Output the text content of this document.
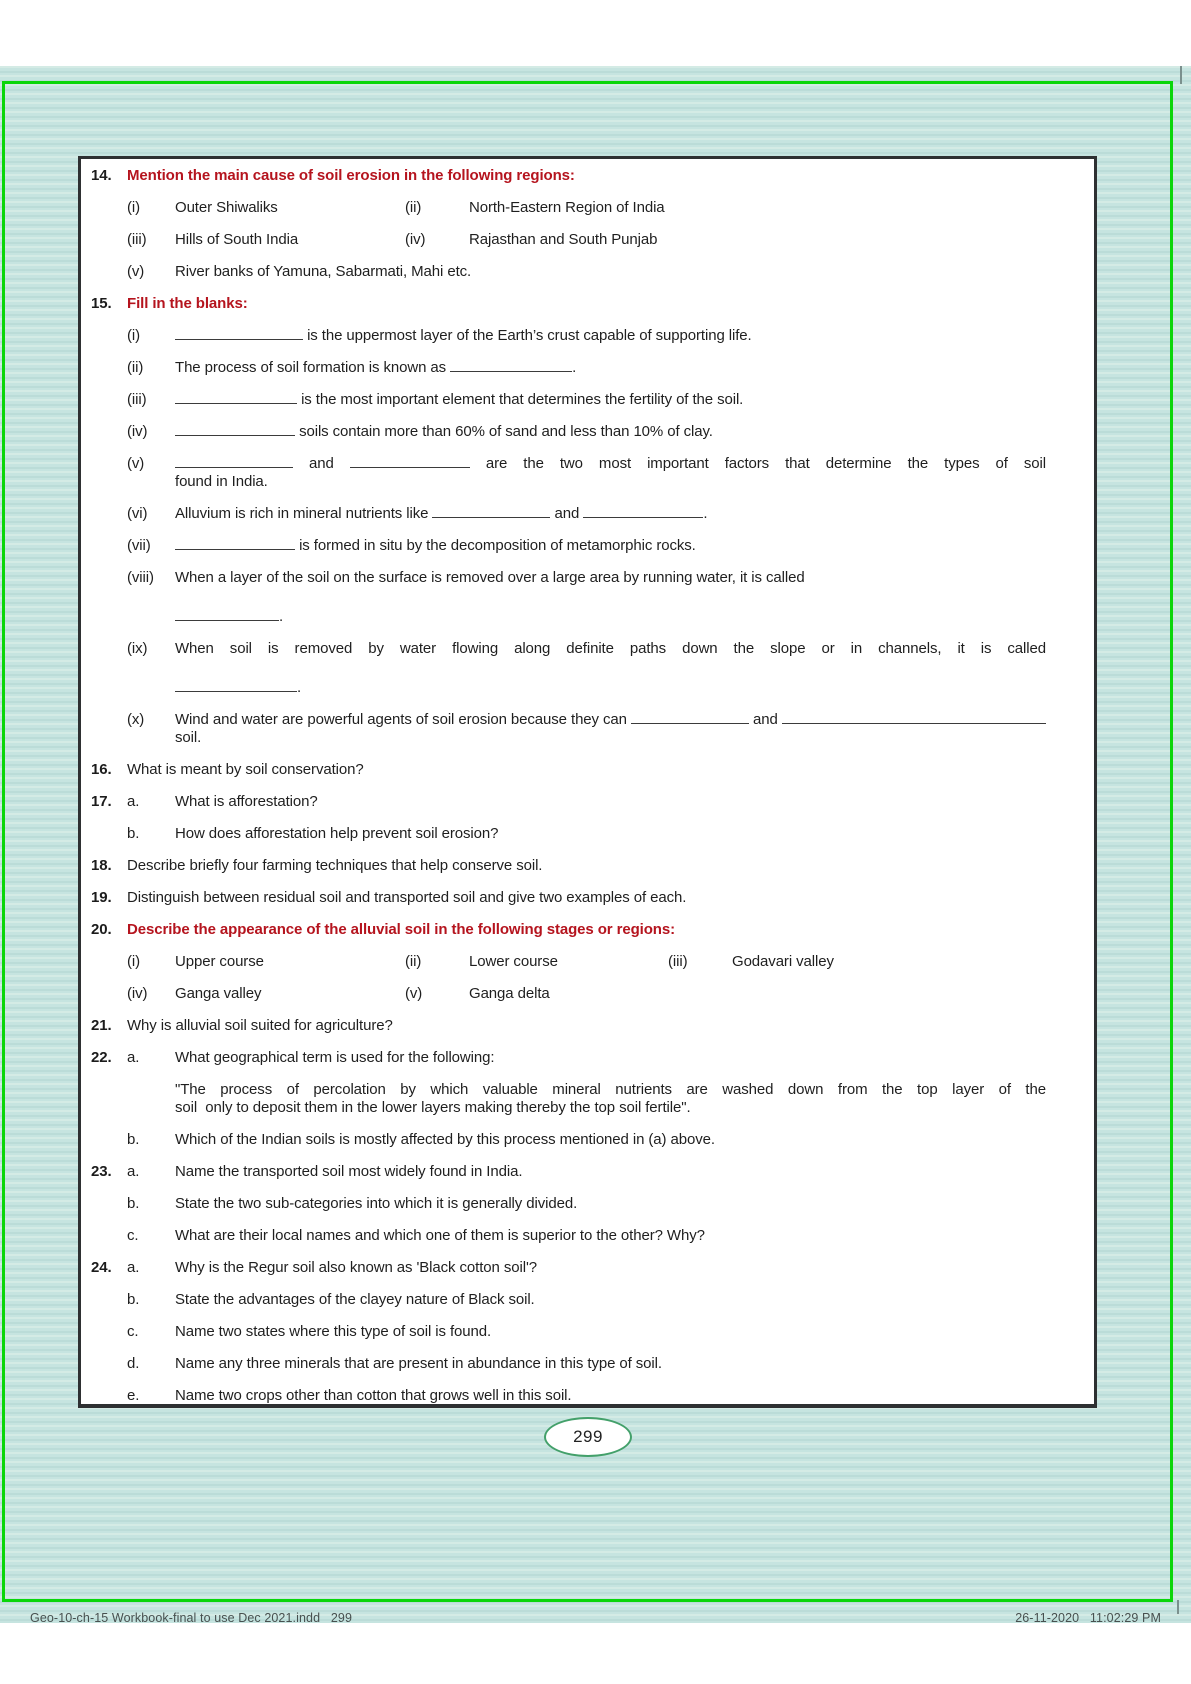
14.	Mention the main cause of soil erosion in the following regions:
(i)	Outer Shiwaliks	(ii)	North-Eastern Region of India
(iii)	Hills of South India	(iv)	Rajasthan and South Punjab
(v)	River banks of Yamuna, Sabarmati, Mahi etc.
15.	Fill in the blanks:
(i)	is the uppermost layer of the Earth’s crust capable of supporting life.
(ii)	The process of soil formation is known as	.
(iii)	is the most important element that determines the fertility of the soil.
(iv)	soils contain more than 60% of sand and less than 10% of clay.
(v)	and	are the two most important factors that determine the types of soil
found in India.
(vi)	Alluvium is rich in mineral nutrients like	and	.
(vii)	is formed in situ by the decomposition of metamorphic rocks.
(viii)	When a layer of the soil on the surface is removed over a large area by running water, it is called
.
(ix)	When soil is removed by water flowing along definite paths down the slope or in channels, it is called
.
(x)	Wind and water are powerful agents of soil erosion because they can	and
soil.
16.	What is meant by soil conservation?
17.	a.	What is afforestation?
b.	How does afforestation help prevent soil erosion?
18.	Describe briefly four farming techniques that help conserve soil.
19.	Distinguish between residual soil and transported soil and give two examples of each.
20.	Describe the appearance of the alluvial soil in the following stages or regions:
(i)	Upper course	(ii)	Lower course	(iii)	Godavari valley
(iv)	Ganga valley	(v)	Ganga delta
21.	Why is alluvial soil suited for agriculture?
22.	a.	What geographical term is used for the following:
"The process of percolation by which valuable mineral nutrients are washed down from the top layer of the
soil  only to deposit them in the lower layers making thereby the top soil fertile".
b.	Which of the Indian soils is mostly affected by this process mentioned in (a) above.
23.	a.	Name the transported soil most widely found in India.
b.	State the two sub-categories into which it is generally divided.
c.	What are their local names and which one of them is superior to the other? Why?
24.	a.	Why is the Regur soil also known as 'Black cotton soil'?
b.	State the advantages of the clayey nature of Black soil.
c.	Name two states where this type of soil is found.
d.	Name any three minerals that are present in abundance in this type of soil.
e.	Name two crops other than cotton that grows well in this soil.
299
Geo-10-ch-15 Workbook-final to use Dec 2021.indd   299	26-11-2020   11:02:29 PM
